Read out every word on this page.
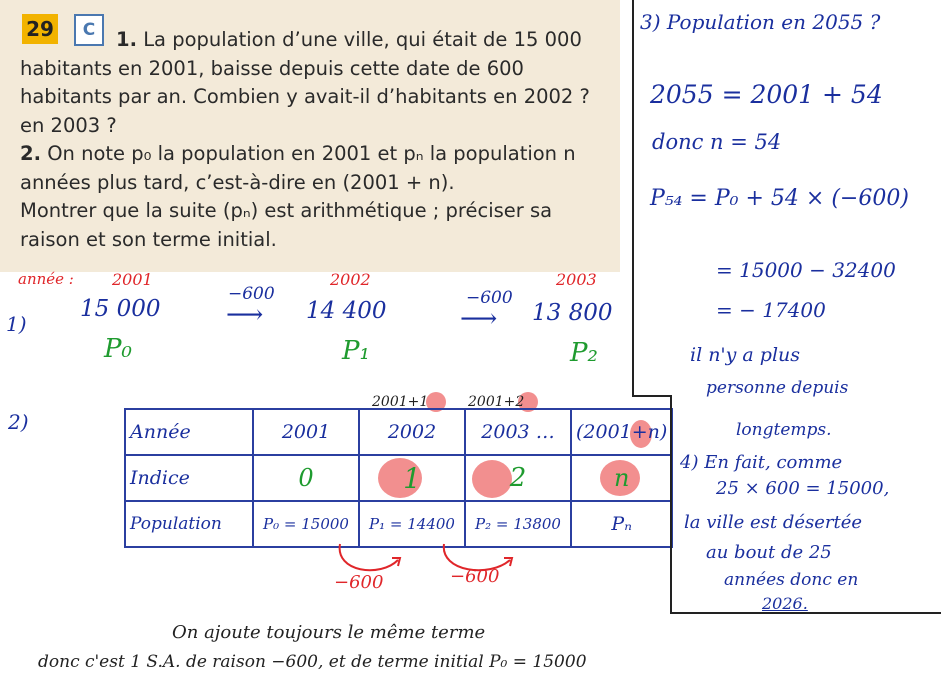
29	C	1. La population d’une ville, qui était de 15 000 habitants en 2001, baisse depuis cette date de 600 habitants par an. Combien y avait-il d’habitants en 2002 ? en 2003 ?

2. On note p₀ la population en 2001 et pₙ la population n années plus tard, c’est-à-dire en (2001 + n).

Montrer que la suite (pₙ) est arithmétique ; préciser sa raison et son terme initial.

1)
année : 2001	2002	2003
15 000	14 400	13 800
−600
⟶
−600
⟶
P₀	P₁	P₂
2)
2001+1	2001+2
Année	2001	2002	2003 …	(2001+n)
Indice	0	1	2	n
Population	P₀ = 15000	P₁ = 14400	P₂ = 13800	Pₙ
−600	−600
On ajoute toujours le même terme
donc c'est 1 S.A. de raison −600, et de terme initial P₀ = 15000
3) Population en 2055 ?
2055 = 2001 + 54
donc n = 54
P₅₄ = P₀ + 54 × (−600)
= 15000 − 32400
= − 17400
il n'y a plus
personne depuis
longtemps.
4) En fait, comme
25 × 600 = 15000,
la ville est désertée
au bout de 25
années donc en
2026.
